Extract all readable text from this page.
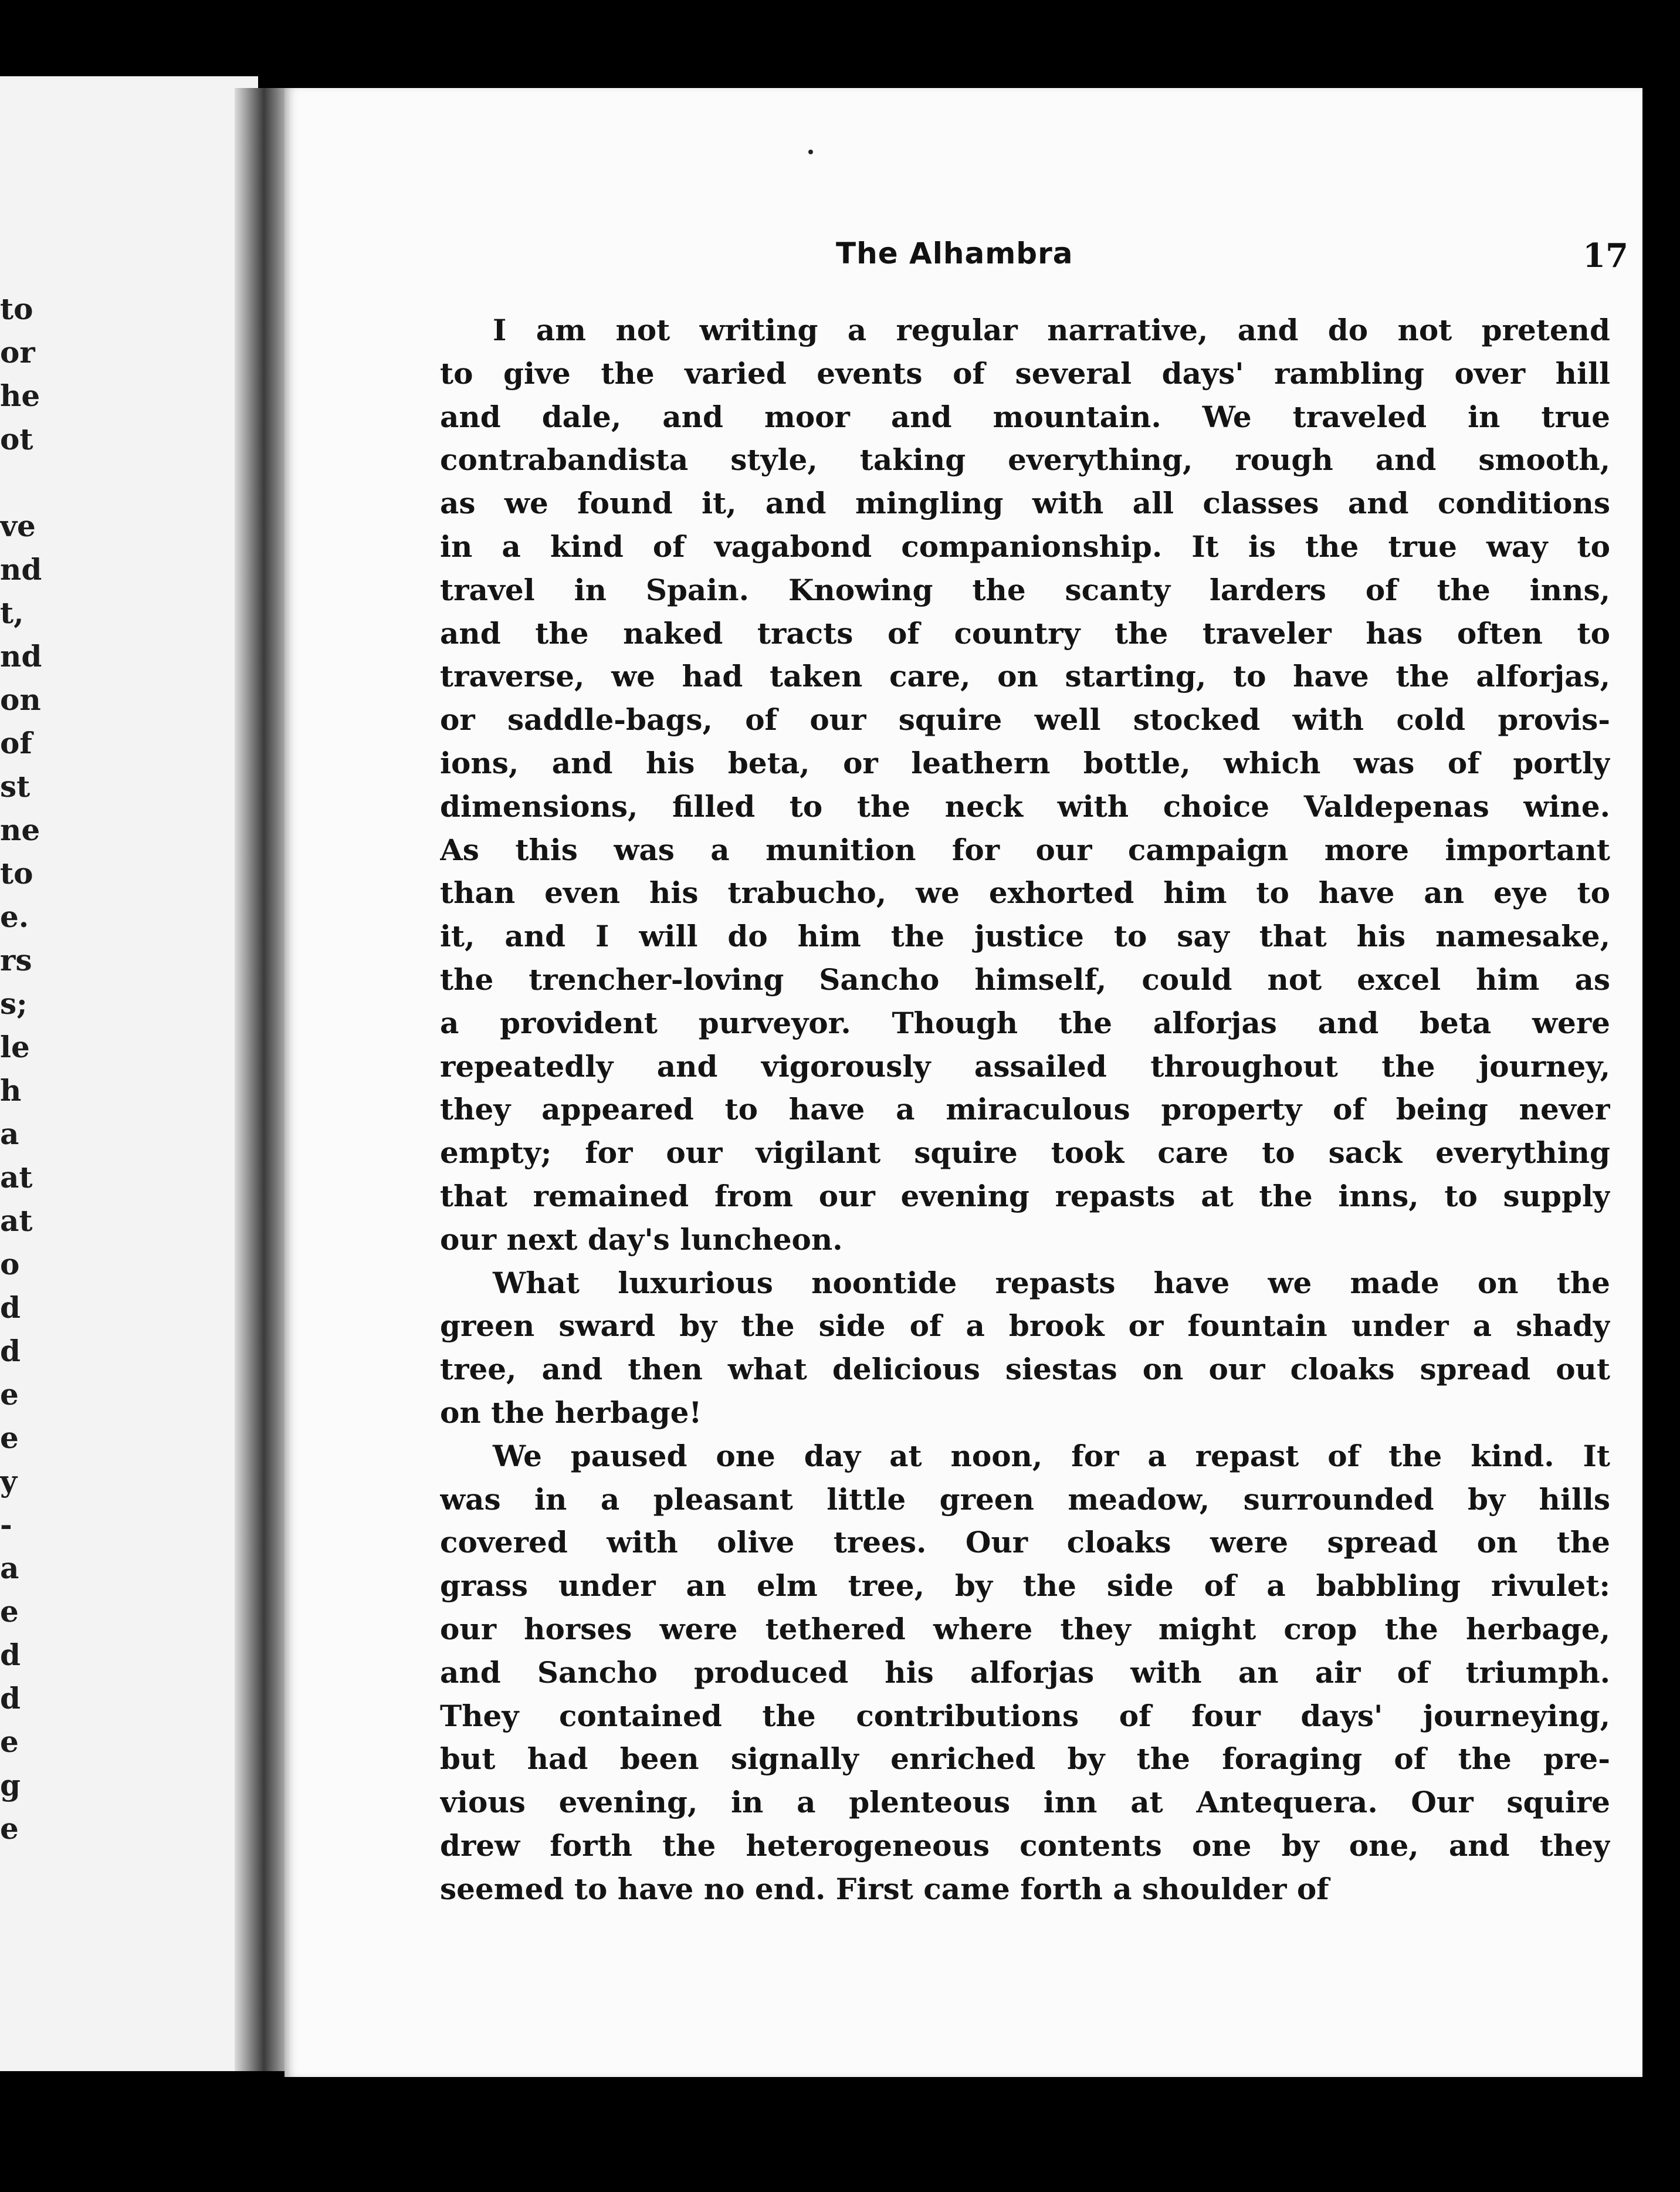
to
or
he
ot
ve
nd
t,
nd
on
of
st
ne
to
e.
rs
s;
le
h
a
at
at
o
d
d
e
e
y
-
a
e
d
d
e
g
e
The Alhambra	17
I am not writing a regular narrative, and do not pretend
to give the varied events of several days' rambling over hill
and dale, and moor and mountain. We traveled in true
contrabandista style, taking everything, rough and smooth,
as we found it, and mingling with all classes and conditions
in a kind of vagabond companionship. It is the true way to
travel in Spain. Knowing the scanty larders of the inns,
and the naked tracts of country the traveler has often to
traverse, we had taken care, on starting, to have the alforjas,
or saddle-bags, of our squire well stocked with cold provis-
ions, and his beta, or leathern bottle, which was of portly
dimensions, filled to the neck with choice Valdepenas wine.
As this was a munition for our campaign more important
than even his trabucho, we exhorted him to have an eye to
it, and I will do him the justice to say that his namesake,
the trencher-loving Sancho himself, could not excel him as
a provident purveyor. Though the alforjas and beta were
repeatedly and vigorously assailed throughout the journey,
they appeared to have a miraculous property of being never
empty; for our vigilant squire took care to sack everything
that remained from our evening repasts at the inns, to supply
our next day's luncheon.
What luxurious noontide repasts have we made on the
green sward by the side of a brook or fountain under a shady
tree, and then what delicious siestas on our cloaks spread out
on the herbage!
We paused one day at noon, for a repast of the kind. It
was in a pleasant little green meadow, surrounded by hills
covered with olive trees. Our cloaks were spread on the
grass under an elm tree, by the side of a babbling rivulet:
our horses were tethered where they might crop the herbage,
and Sancho produced his alforjas with an air of triumph.
They contained the contributions of four days' journeying,
but had been signally enriched by the foraging of the pre-
vious evening, in a plenteous inn at Antequera. Our squire
drew forth the heterogeneous contents one by one, and they
seemed to have no end. First came forth a shoulder of
